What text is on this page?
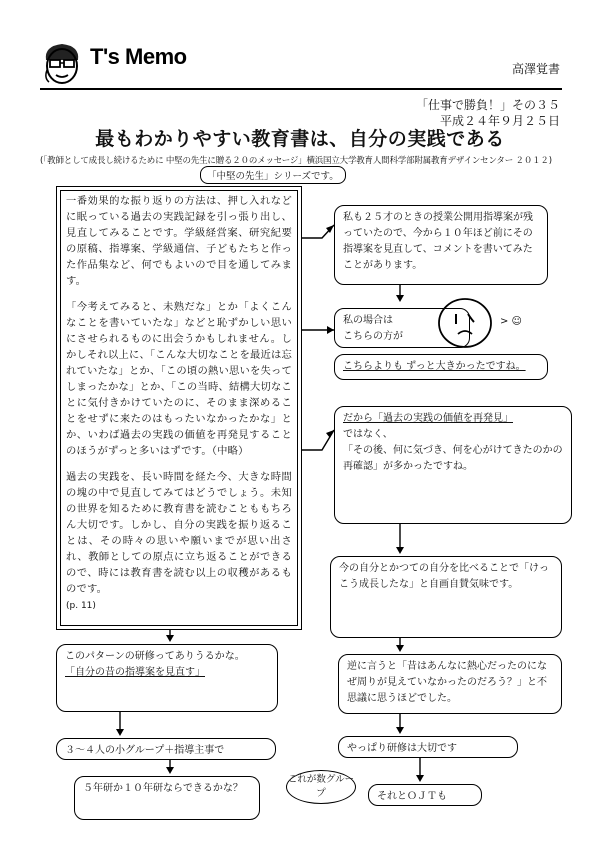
T's Memo	高澤覚書
「仕事で勝負！」その３５
平成２４年９月２５日
最もわかりやすい教育書は、自分の実践である
(「教師として成長し続けるために 中堅の先生に贈る２０のメッセージ」横浜国立大学教育人間科学部附属教育デザインセンター ２０１２)
「中堅の先生」シリーズです。

一番効果的な振り返りの方法は、押し入れなどに眠っている過去の実践記録を引っ張り出し、見直してみることです。学級経営案、研究紀要の原稿、指導案、学級通信、子どもたちと作った作品集など、何でもよいので目を通してみます。

「今考えてみると、未熟だな」とか「よくこんなことを書いていたな」などと恥ずかしい思いにさせられるものに出会うかもしれません。しかしそれ以上に、「こんな大切なことを最近は忘れていたな」とか、「この頃の熱い思いを失ってしまったかな」とか、「この当時、結構大切なことに気付きかけていたのに、そのまま深めることをせずに来たのはもったいなかったかな」とか、いわば過去の実践の価値を再発見することのほうがずっと多いはずです。（中略）

過去の実践を、長い時間を経た今、大きな時間の塊の中で見直してみてはどうでしょう。未知の世界を知るために教育書を読むことももちろん大切です。しかし、自分の実践を振り返ることは、その時々の思いや願いまでが思い出され、教師としての原点に立ち返ることができるので、時には教育書を読む以上の収穫があるものです。

(p. 11)
私も２５才のときの授業公開用指導案が残っていたので、今から１０年ほど前にその指導案を見直して、コメントを書いてみたことがあります。
私の場合は
こちらの方が
こちらよりも ずっと大きかったですね。
> ☺
だから「過去の実践の価値を再発見」
ではなく、
「その後、何に気づき、何を心がけてきたのかの再確認」が多かったですね。
今の自分とかつての自分を比べることで「けっこう成長したな」と自画自賛気味です。
逆に言うと「昔はあんなに熱心だったのになぜ周りが見えていなかったのだろう？」と不思議に思うほどでした。
このパターンの研修ってありうるかな。
「自分の昔の指導案を見直す」
３〜４人の小グループ＋指導主事で	やっぱり研修は大切です
５年研か１０年研ならできるかな？
それとＯＪＴも
これが数グループ
